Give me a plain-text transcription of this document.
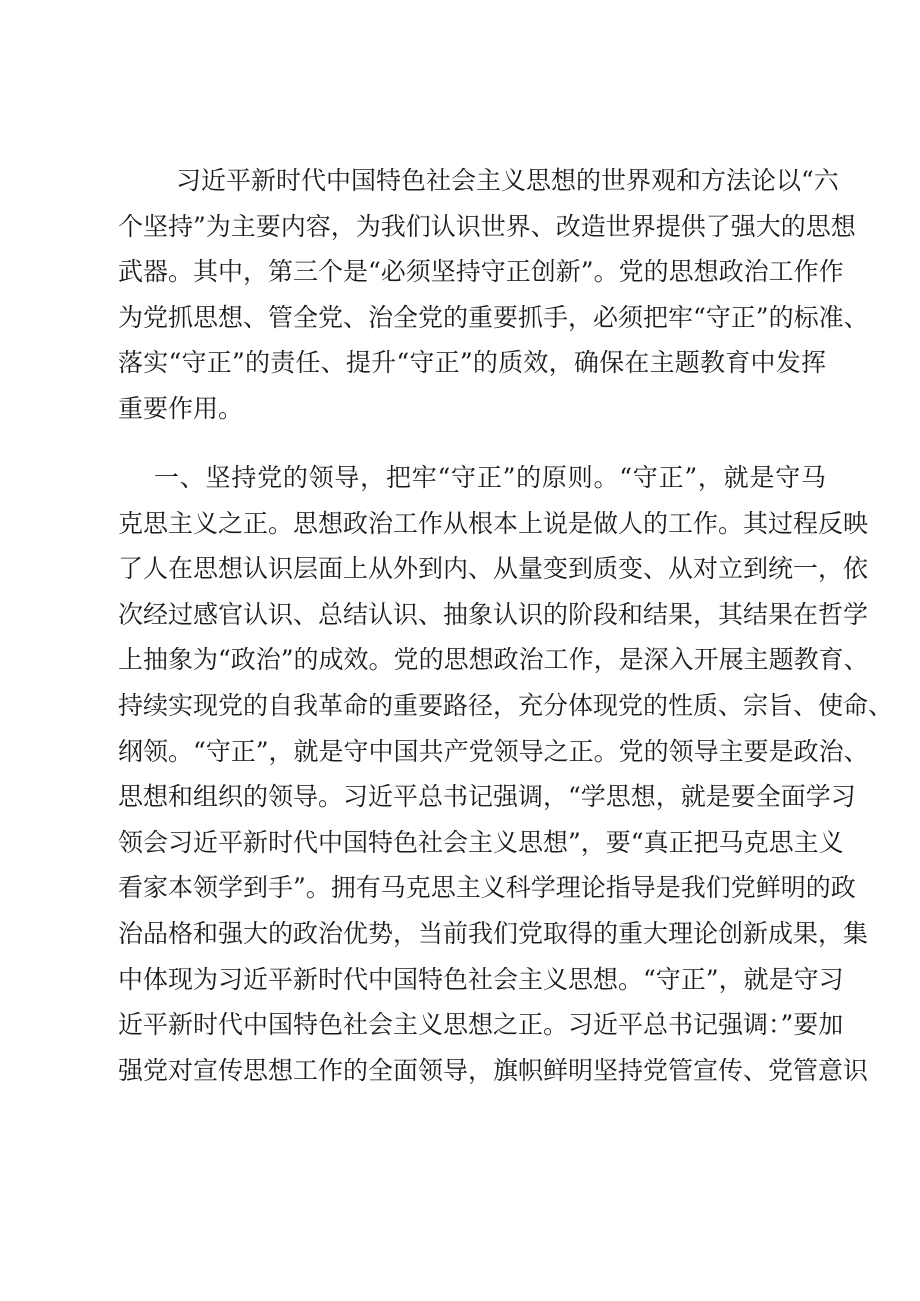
习近平新时代中国特色社会主义思想的世界观和方法论以“六
个坚持”为主要内容，为我们认识世界、改造世界提供了强大的思想
武器。其中，第三个是“必须坚持守正创新”。党的思想政治工作作
为党抓思想、管全党、治全党的重要抓手，必须把牢“守正”的标准、
落实“守正”的责任、提升“守正”的质效，确保在主题教育中发挥
重要作用。
一、坚持党的领导，把牢“守正”的原则。“守正”，就是守马
克思主义之正。思想政治工作从根本上说是做人的工作。其过程反映
了人在思想认识层面上从外到内、从量变到质变、从对立到统一，依
次经过感官认识、总结认识、抽象认识的阶段和结果，其结果在哲学
上抽象为“政治”的成效。党的思想政治工作，是深入开展主题教育、
持续实现党的自我革命的重要路径，充分体现党的性质、宗旨、使命、
纲领。“守正”，就是守中国共产党领导之正。党的领导主要是政治、
思想和组织的领导。习近平总书记强调，“学思想，就是要全面学习
领会习近平新时代中国特色社会主义思想”，要“真正把马克思主义
看家本领学到手”。拥有马克思主义科学理论指导是我们党鲜明的政
治品格和强大的政治优势，当前我们党取得的重大理论创新成果，集
中体现为习近平新时代中国特色社会主义思想。“守正”，就是守习
近平新时代中国特色社会主义思想之正。习近平总书记强调：”要加
强党对宣传思想工作的全面领导，旗帜鲜明坚持党管宣传、党管意识
